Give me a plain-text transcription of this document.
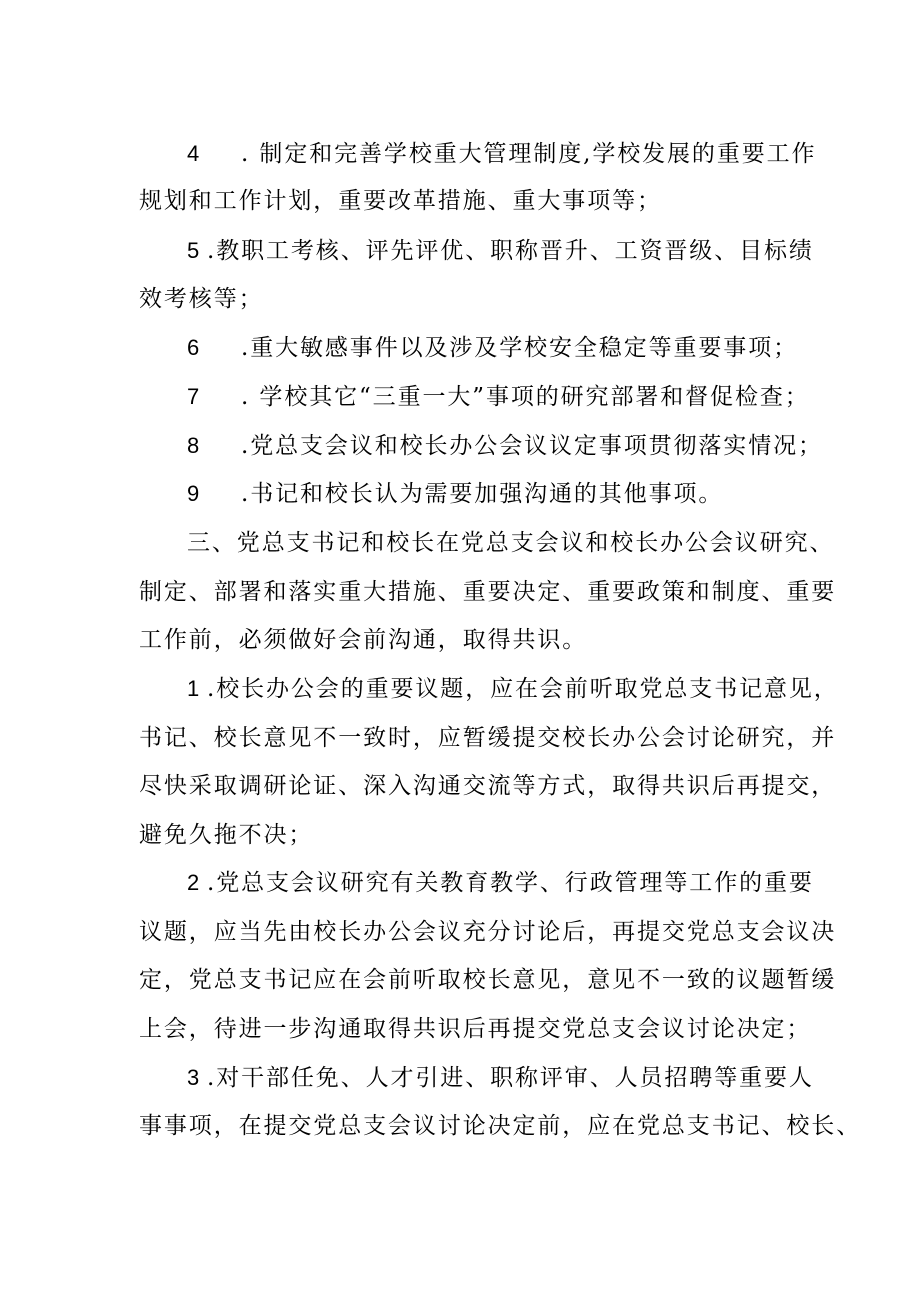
4 . 制定和完善学校重大管理制度,学校发展的重要工作
规划和工作计划，重要改革措施、重大事项等；
5 .教职工考核、评先评优、职称晋升、工资晋级、目标绩
效考核等；
6 .重大敏感事件以及涉及学校安全稳定等重要事项；
7 . 学校其它“三重一大”事项的研究部署和督促检查；
8 .党总支会议和校长办公会议议定事项贯彻落实情况；
9 .书记和校长认为需要加强沟通的其他事项。
三、党总支书记和校长在党总支会议和校长办公会议研究、
制定、部署和落实重大措施、重要决定、重要政策和制度、重要
工作前，必须做好会前沟通，取得共识。
1 .校长办公会的重要议题，应在会前听取党总支书记意见，
书记、校长意见不一致时，应暂缓提交校长办公会讨论研究，并
尽快采取调研论证、深入沟通交流等方式，取得共识后再提交，
避免久拖不决；
2 .党总支会议研究有关教育教学、行政管理等工作的重要
议题，应当先由校长办公会议充分讨论后，再提交党总支会议决
定，党总支书记应在会前听取校长意见，意见不一致的议题暂缓
上会，待进一步沟通取得共识后再提交党总支会议讨论决定；
3 .对干部任免、人才引进、职称评审、人员招聘等重要人
事事项，在提交党总支会议讨论决定前，应在党总支书记、校长、
